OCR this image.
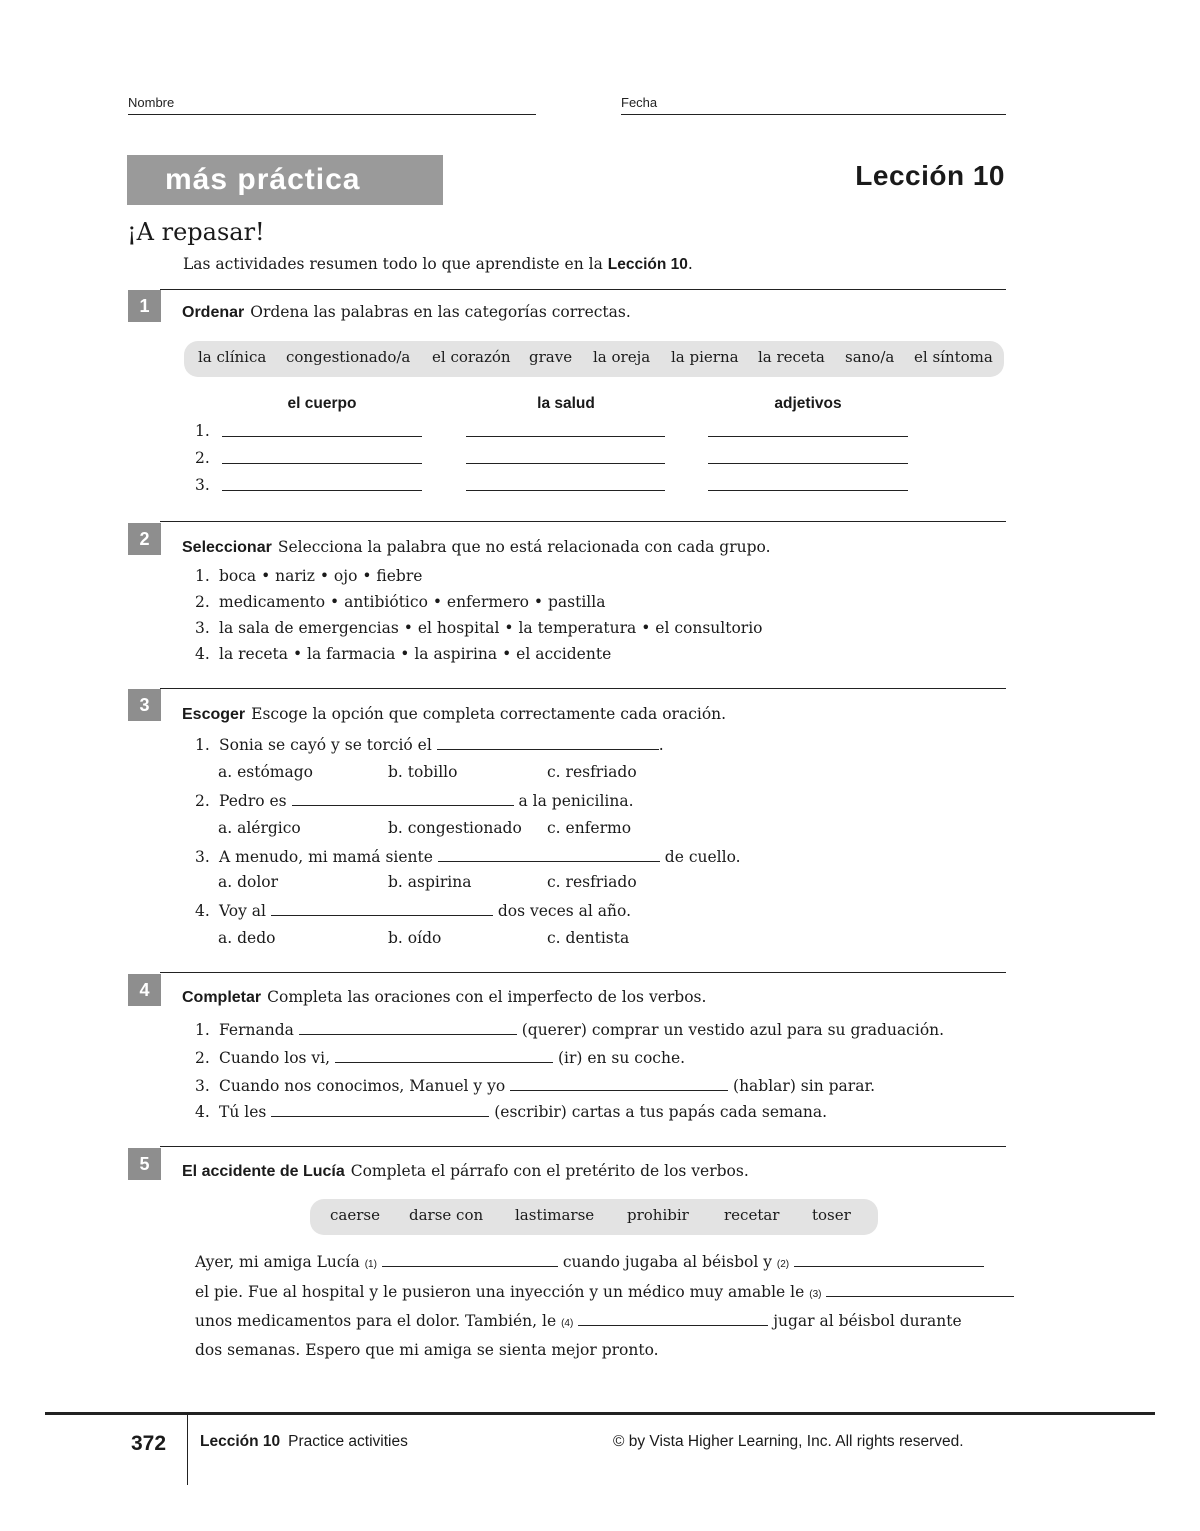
Nombre	Fecha
más práctica	Lección 10
¡A repasar!
Las actividades resumen todo lo que aprendiste en la Lección 10.
1	Ordenar Ordena las palabras en las categorías correctas.
la clínica congestionado/a el corazón grave la oreja la pierna la receta sano/a el síntoma
el cuerpo	la salud	adjetivos
1.
2.
3.
2	Seleccionar Selecciona la palabra que no está relacionada con cada grupo.
1. boca • nariz • ojo • fiebre
2. medicamento • antibiótico • enfermero • pastilla
3. la sala de emergencias • el hospital • la temperatura • el consultorio
4. la receta • la farmacia • la aspirina • el accidente
3	Escoger Escoge la opción que completa correctamente cada oración.
1. Sonia se cayó y se torció el	.
a. estómago	b. tobillo	c. resfriado
2. Pedro es	a la penicilina.
a. alérgico	b. congestionado c. enfermo
3. A menudo, mi mamá siente	de cuello.
a. dolor	b. aspirina	c. resfriado
4. Voy al	dos veces al año.
a. dedo	b. oído	c. dentista
4	Completar Completa las oraciones con el imperfecto de los verbos.
1. Fernanda	(querer) comprar un vestido azul para su graduación.
2. Cuando los vi,	(ir) en su coche.
3. Cuando nos conocimos, Manuel y yo	(hablar) sin parar.
4. Tú les	(escribir) cartas a tus papás cada semana.
5	El accidente de Lucía Completa el párrafo con el pretérito de los verbos.
caerse darse con lastimarse prohibir recetar toser
Ayer, mi amiga Lucía (1)	cuando jugaba al béisbol y (2)
el pie. Fue al hospital y le pusieron una inyección y un médico muy amable le (3)
unos medicamentos para el dolor. También, le (4)	jugar al béisbol durante
dos semanas. Espero que mi amiga se sienta mejor pronto.
372 Lección 10 Practice activities	© by Vista Higher Learning, Inc. All rights reserved.
